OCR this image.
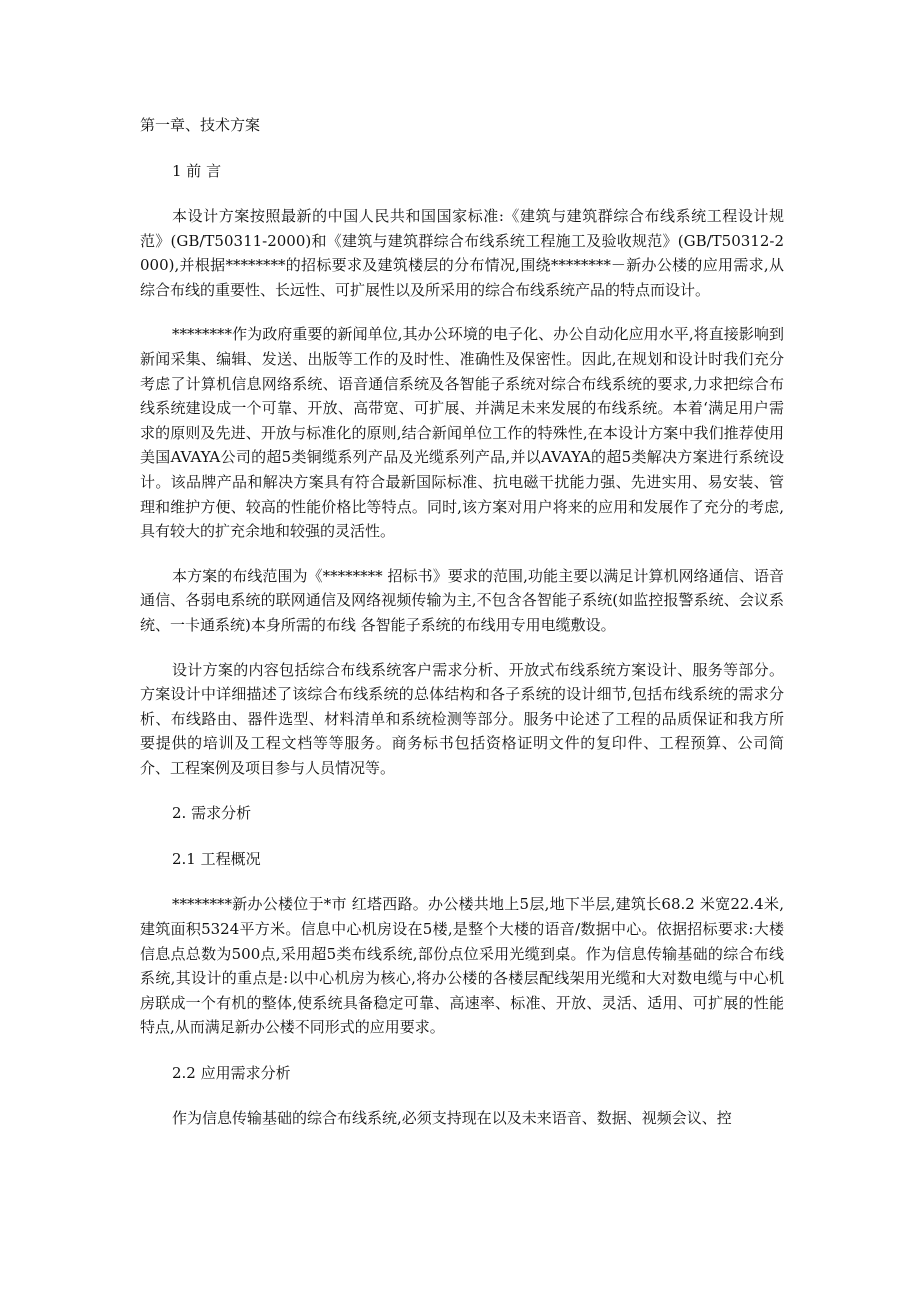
第一章、技术方案
1 前 言
本设计方案按照最新的中国人民共和国国家标准:《建筑与建筑群综合布线系统工程设计规范》(GB/T50311-2000)和《建筑与建筑群综合布线系统工程施工及验收规范》(GB/T50312-2000),并根据********的招标要求及建筑楼层的分布情况,围绕********－新办公楼的应用需求,从综合布线的重要性、长远性、可扩展性以及所采用的综合布线系统产品的特点而设计。
********作为政府重要的新闻单位,其办公环境的电子化、办公自动化应用水平,将直接影响到新闻采集、编辑、发送、出版等工作的及时性、准确性及保密性。因此,在规划和设计时我们充分考虑了计算机信息网络系统、语音通信系统及各智能子系统对综合布线系统的要求,力求把综合布线系统建设成一个可靠、开放、高带宽、可扩展、并满足未来发展的布线系统。本着‘满足用户需求的原则及先进、开放与标准化的原则,结合新闻单位工作的特殊性,在本设计方案中我们推荐使用美国AVAYA公司的超5类铜缆系列产品及光缆系列产品,并以AVAYA的超5类解决方案进行系统设计。该品牌产品和解决方案具有符合最新国际标准、抗电磁干扰能力强、先进实用、易安装、管理和维护方便、较高的性能价格比等特点。同时,该方案对用户将来的应用和发展作了充分的考虑,具有较大的扩充余地和较强的灵活性。
本方案的布线范围为《******** 招标书》要求的范围,功能主要以满足计算机网络通信、语音通信、各弱电系统的联网通信及网络视频传输为主,不包含各智能子系统(如监控报警系统、会议系统、一卡通系统)本身所需的布线 各智能子系统的布线用专用电缆敷设。
设计方案的内容包括综合布线系统客户需求分析、开放式布线系统方案设计、服务等部分。方案设计中详细描述了该综合布线系统的总体结构和各子系统的设计细节,包括布线系统的需求分析、布线路由、器件选型、材料清单和系统检测等部分。服务中论述了工程的品质保证和我方所要提供的培训及工程文档等等服务。商务标书包括资格证明文件的复印件、工程预算、公司简介、工程案例及项目参与人员情况等。
2. 需求分析
2.1 工程概况
********新办公楼位于*市 红塔西路。办公楼共地上5层,地下半层,建筑长68.2 米宽22.4米,建筑面积5324平方米。信息中心机房设在5楼,是整个大楼的语音/数据中心。依据招标要求:大楼信息点总数为500点,采用超5类布线系统,部份点位采用光缆到桌。作为信息传输基础的综合布线系统,其设计的重点是:以中心机房为核心,将办公楼的各楼层配线架用光缆和大对数电缆与中心机房联成一个有机的整体,使系统具备稳定可靠、高速率、标准、开放、灵活、适用、可扩展的性能特点,从而满足新办公楼不同形式的应用要求。
2.2 应用需求分析
作为信息传输基础的综合布线系统,必须支持现在以及未来语音、数据、视频会议、控
